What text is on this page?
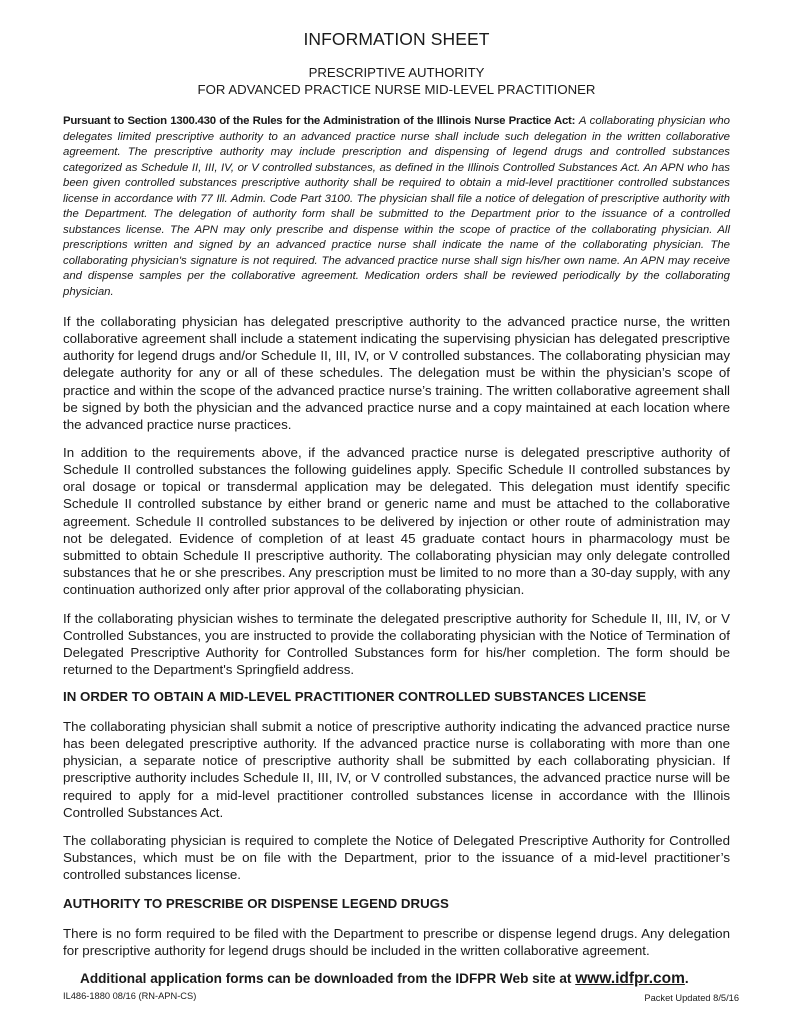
INFORMATION SHEET
PRESCRIPTIVE AUTHORITY
FOR ADVANCED PRACTICE NURSE MID-LEVEL PRACTITIONER
Pursuant to Section 1300.430 of the Rules for the Administration of the Illinois Nurse Practice Act: A collaborating physician who delegates limited prescriptive authority to an advanced practice nurse shall include such delegation in the written collaborative agreement. The prescriptive authority may include prescription and dispensing of legend drugs and controlled substances categorized as Schedule II, III, IV, or V controlled substances, as defined in the Illinois Controlled Substances Act. An APN who has been given controlled substances prescriptive authority shall be required to obtain a mid-level practitioner controlled substances license in accordance with 77 Ill. Admin. Code Part 3100. The physician shall file a notice of delegation of prescriptive authority with the Department. The delegation of authority form shall be submitted to the Department prior to the issuance of a controlled substances license. The APN may only prescribe and dispense within the scope of practice of the collaborating physician. All prescriptions written and signed by an advanced practice nurse shall indicate the name of the collaborating physician. The collaborating physician's signature is not required. The advanced practice nurse shall sign his/her own name. An APN may receive and dispense samples per the collaborative agreement. Medication orders shall be reviewed periodically by the collaborating physician.
If the collaborating physician has delegated prescriptive authority to the advanced practice nurse, the written collaborative agreement shall include a statement indicating the supervising physician has delegated prescriptive authority for legend drugs and/or Schedule II, III, IV, or V controlled substances. The collaborating physician may delegate authority for any or all of these schedules. The delegation must be within the physician’s scope of practice and within the scope of the advanced practice nurse’s training. The written collaborative agreement shall be signed by both the physician and the advanced practice nurse and a copy maintained at each location where the advanced practice nurse practices.
In addition to the requirements above, if the advanced practice nurse is delegated prescriptive authority of Schedule II controlled substances the following guidelines apply. Specific Schedule II controlled substances by oral dosage or topical or transdermal application may be delegated. This delegation must identify specific Schedule II controlled substance by either brand or generic name and must be attached to the collaborative agreement. Schedule II controlled substances to be delivered by injection or other route of administration may not be delegated. Evidence of completion of at least 45 graduate contact hours in pharmacology must be submitted to obtain Schedule II prescriptive authority. The collaborating physician may only delegate controlled substances that he or she prescribes. Any prescription must be limited to no more than a 30-day supply, with any continuation authorized only after prior approval of the collaborating physician.
If the collaborating physician wishes to terminate the delegated prescriptive authority for Schedule II, III, IV, or V Controlled Substances, you are instructed to provide the collaborating physician with the Notice of Termination of Delegated Prescriptive Authority for Controlled Substances form for his/her completion. The form should be returned to the Department's Springfield address.
IN ORDER TO OBTAIN A MID-LEVEL PRACTITIONER CONTROLLED SUBSTANCES LICENSE
The collaborating physician shall submit a notice of prescriptive authority indicating the advanced practice nurse has been delegated prescriptive authority. If the advanced practice nurse is collaborating with more than one physician, a separate notice of prescriptive authority shall be submitted by each collaborating physician. If prescriptive authority includes Schedule II, III, IV, or V controlled substances, the advanced practice nurse will be required to apply for a mid-level practitioner controlled substances license in accordance with the Illinois Controlled Substances Act.
The collaborating physician is required to complete the Notice of Delegated Prescriptive Authority for Controlled Substances, which must be on file with the Department, prior to the issuance of a mid-level practitioner’s controlled substances license.
AUTHORITY TO PRESCRIBE OR DISPENSE LEGEND DRUGS
There is no form required to be filed with the Department to prescribe or dispense legend drugs. Any delegation for prescriptive authority for legend drugs should be included in the written collaborative agreement.
Additional application forms can be downloaded from the IDFPR Web site at www.idfpr.com.
IL486-1880 08/16 (RN-APN-CS)	Packet Updated 8/5/16
